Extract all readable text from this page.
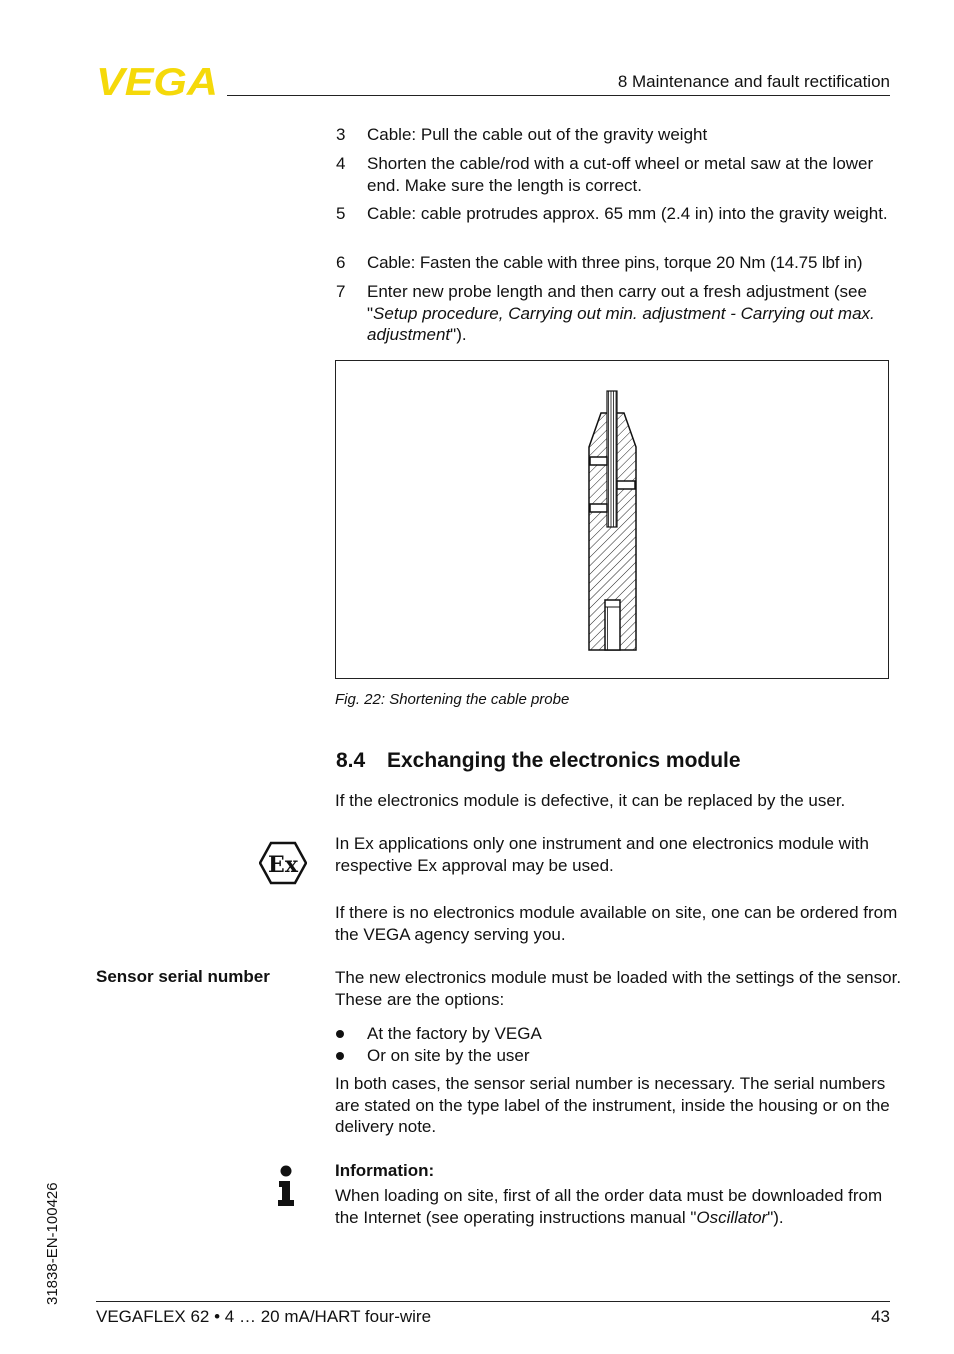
VEGA	8 Maintenance and fault rectification
3	Cable: Pull the cable out of the gravity weight
4	Shorten the cable/rod with a cut-off wheel or metal saw at the lower end. Make sure the length is correct.
5	Cable: cable protrudes approx. 65 mm (2.4 in) into the gravity weight.
6	Cable: Fasten the cable with three pins, torque 20 Nm (14.75 lbf in)
7	Enter new probe length and then carry out a fresh adjustment (see "Setup procedure, Carrying out min. adjustment - Carrying out max. adjustment").
Fig. 22: Shortening the cable probe
8.4 Exchanging the electronics module
If the electronics module is defective, it can be replaced by the user.
Ex
In Ex applications only one instrument and one electronics module with respective Ex approval may be used.
If there is no electronics module available on site, one can be ordered from the VEGA agency serving you.
Sensor serial number	The new electronics module must be loaded with the settings of the sensor. These are the options:
At the factory by VEGA
Or on site by the user
In both cases, the sensor serial number is necessary. The serial numbers are stated on the type label of the instrument, inside the housing or on the delivery note.
Information:
When loading on site, first of all the order data must be downloaded from the Internet (see operating instructions manual "Oscillator").
31838-EN-100426
VEGAFLEX 62 • 4 … 20 mA/HART four-wire	43
